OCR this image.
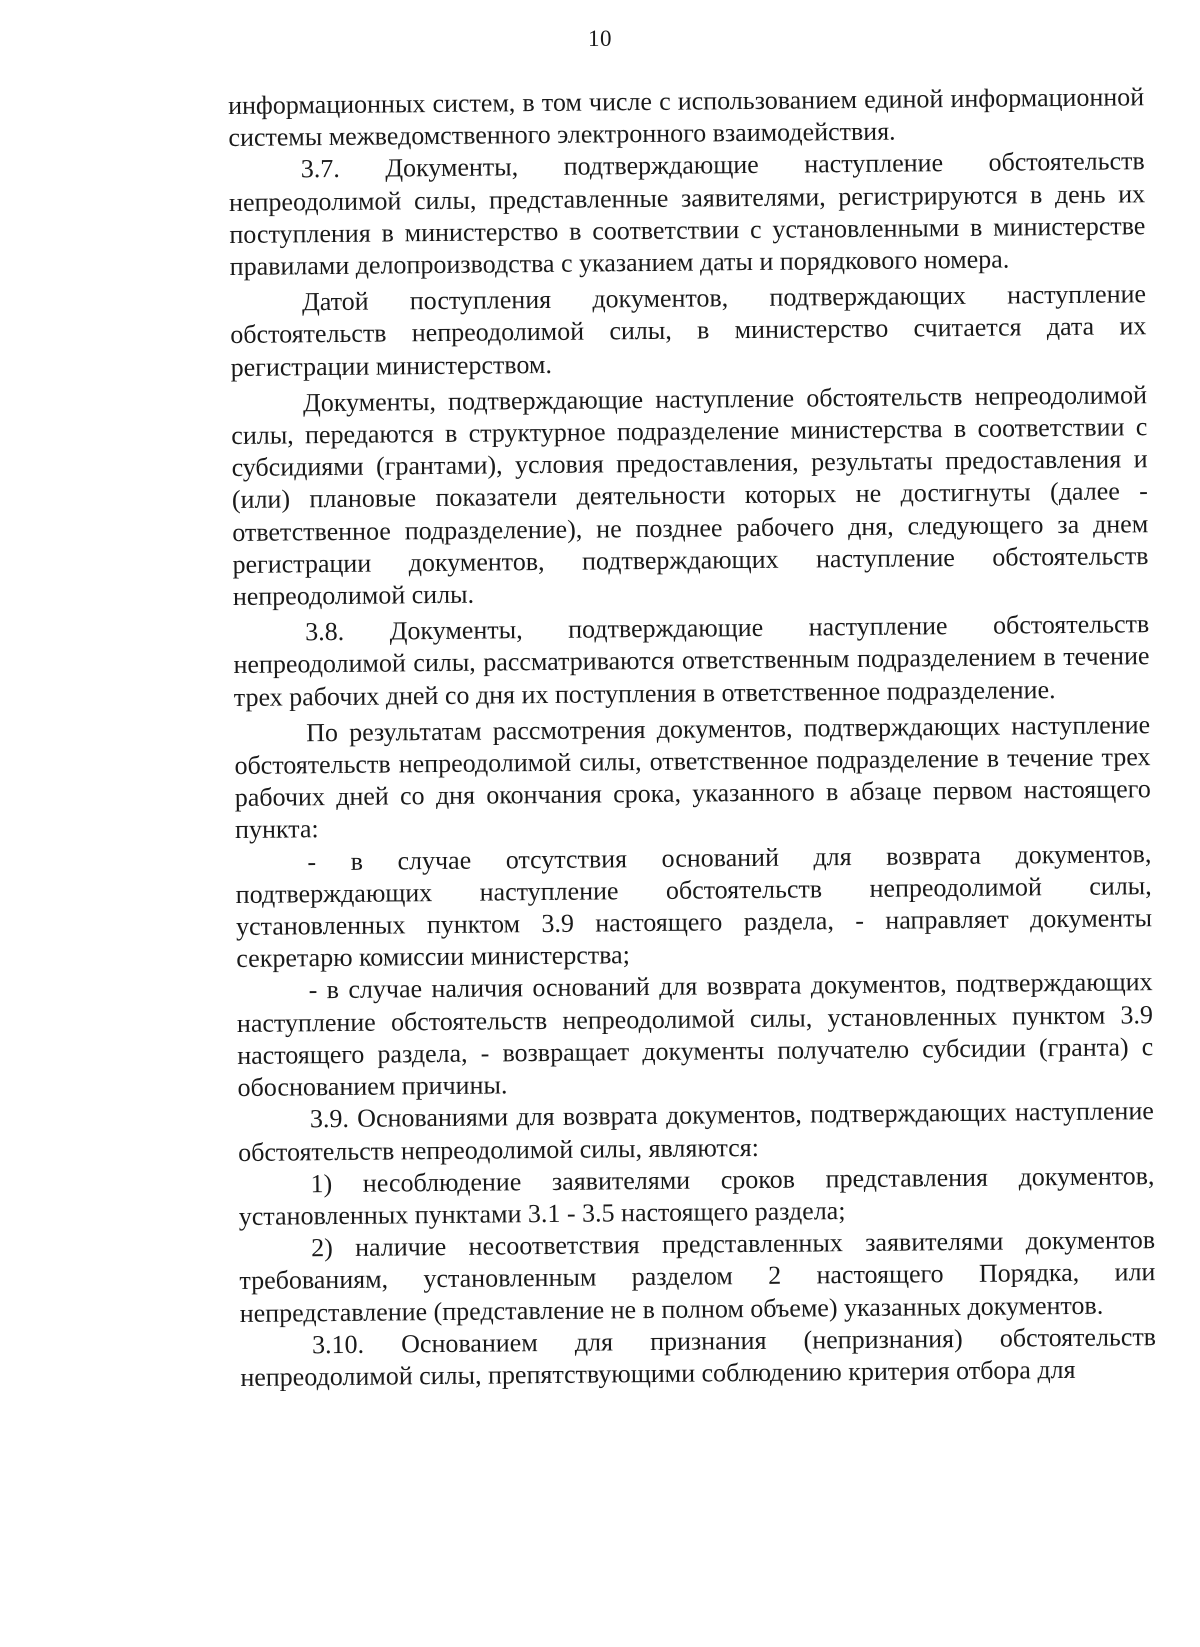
10

информационных систем, в том числе с использованием единой информационной системы межведомственного электронного взаимодействия.

3.7. Документы, подтверждающие наступление обстоятельств непреодолимой силы, представленные заявителями, регистрируются в день их поступления в министерство в соответствии с установленными в министерстве правилами делопроизводства с указанием даты и порядкового номера.

Датой поступления документов, подтверждающих наступление обстоятельств непреодолимой силы, в министерство считается дата их регистрации министерством.

Документы, подтверждающие наступление обстоятельств непреодолимой силы, передаются в структурное подразделение министерства в соответствии с субсидиями (грантами), условия предоставления, результаты предоставления и (или) плановые показатели деятельности которых не достигнуты (далее - ответственное подразделение), не позднее рабочего дня, следующего за днем регистрации документов, подтверждающих наступление обстоятельств непреодолимой силы.

3.8. Документы, подтверждающие наступление обстоятельств непреодолимой силы, рассматриваются ответственным подразделением в течение трех рабочих дней со дня их поступления в ответственное подразделение.

По результатам рассмотрения документов, подтверждающих наступление обстоятельств непреодолимой силы, ответственное подразделение в течение трех рабочих дней со дня окончания срока, указанного в абзаце первом настоящего пункта:

- в случае отсутствия оснований для возврата документов, подтверждающих наступление обстоятельств непреодолимой силы, установленных пунктом 3.9 настоящего раздела, - направляет документы секретарю комиссии министерства;

- в случае наличия оснований для возврата документов, подтверждающих наступление обстоятельств непреодолимой силы, установленных пунктом 3.9 настоящего раздела, - возвращает документы получателю субсидии (гранта) с обоснованием причины.

3.9. Основаниями для возврата документов, подтверждающих наступление обстоятельств непреодолимой силы, являются:

1) несоблюдение заявителями сроков представления документов, установленных пунктами 3.1 - 3.5 настоящего раздела;

2) наличие несоответствия представленных заявителями документов требованиям, установленным разделом 2 настоящего Порядка, или непредставление (представление не в полном объеме) указанных документов.

3.10. Основанием для признания (непризнания) обстоятельств непреодолимой силы, препятствующими соблюдению критерия отбора для
